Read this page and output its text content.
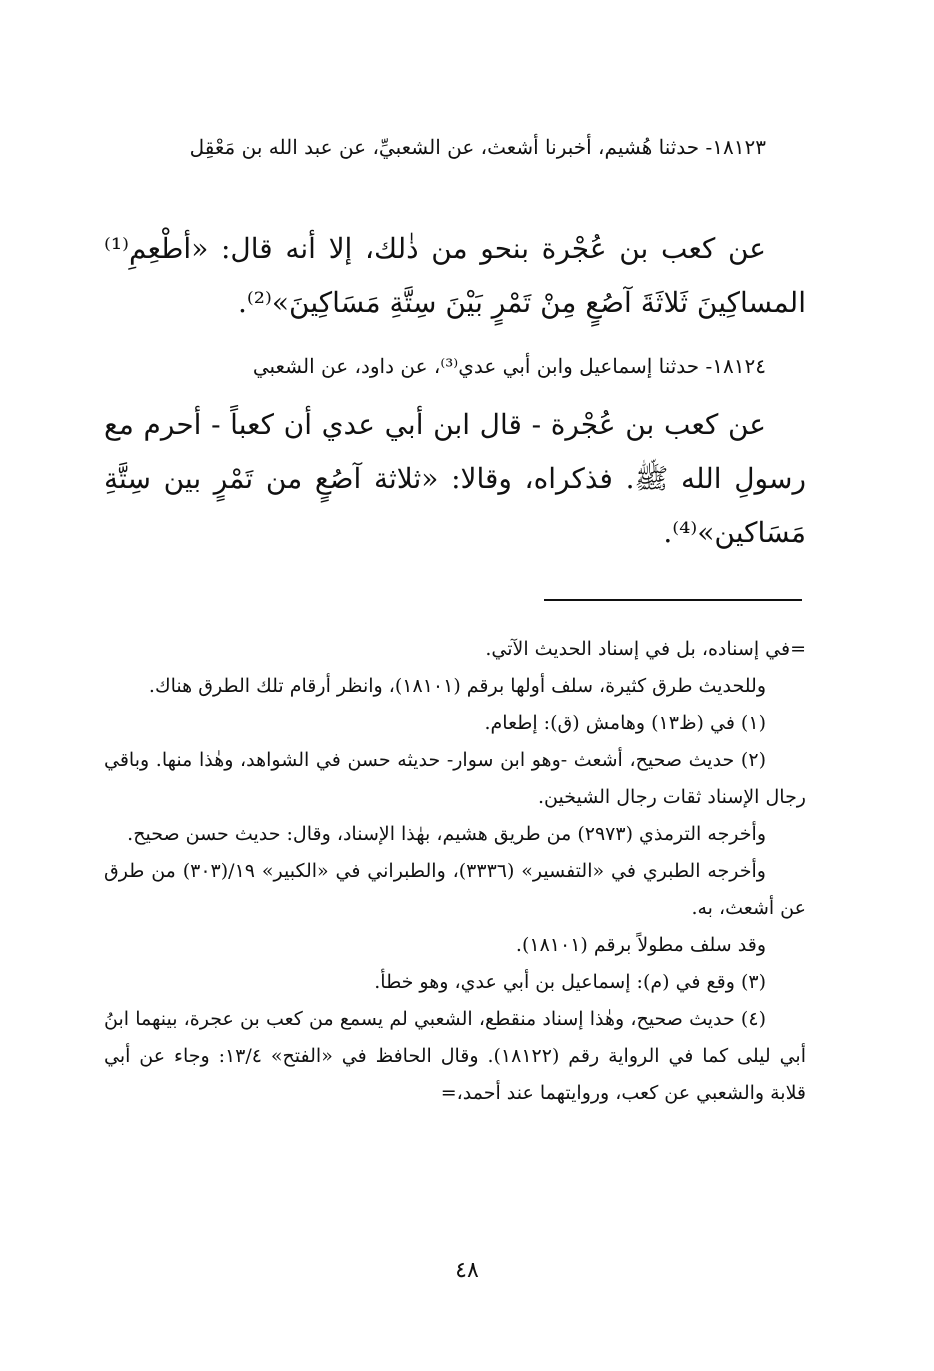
١٨١٢٣- حدثنا هُشيم، أخبرنا أشعث، عن الشعبيِّ، عن عبد الله بن مَعْقِل

عن كعب بن عُجْرة بنحو من ذٰلك، إلا أنه قال: «أطْعِمِ⁽¹⁾ المساكِينَ ثَلاثَةَ آصُعٍ مِنْ تَمْرٍ بَيْنَ سِتَّةِ مَسَاكِينَ»⁽²⁾.

١٨١٢٤- حدثنا إسماعيل وابن أبي عدي⁽³⁾، عن داود، عن الشعبي

عن كعب بن عُجْرة - قال ابن أبي عدي أن كعباً - أحرم مع رسولِ الله ﷺ. فذكراه، وقالا: «ثلاثة آصُعٍ من تَمْرٍ بين سِتَّةِ مَسَاكين»⁽⁴⁾.

=في إسناده، بل في إسناد الحديث الآتي.

وللحديث طرق كثيرة، سلف أولها برقم (١٨١٠١)، وانظر أرقام تلك الطرق هناك.

(١) في (ظ١٣) وهامش (ق): إطعام.

(٢) حديث صحيح، أشعث -وهو ابن سوار- حديثه حسن في الشواهد، وهٰذا منها. وباقي رجال الإسناد ثقات رجال الشيخين.

وأخرجه الترمذي (٢٩٧٣) من طريق هشيم، بهٰذا الإسناد، وقال: حديث حسن صحيح.

وأخرجه الطبري في «التفسير» (٣٣٣٦)، والطبراني في «الكبير» ١٩/(٣٠٣) من طرق عن أشعث، به.

وقد سلف مطولاً برقم (١٨١٠١).

(٣) وقع في (م): إسماعيل بن أبي عدي، وهو خطأ.

(٤) حديث صحيح، وهٰذا إسناد منقطع، الشعبي لم يسمع من كعب بن عجرة، بينهما ابنُ أبي ليلى كما في الرواية رقم (١٨١٢٢). وقال الحافظ في «الفتح» ١٣/٤: وجاء عن أبي قلابة والشعبي عن كعب، وروايتهما عند أحمد،=

٤٨
